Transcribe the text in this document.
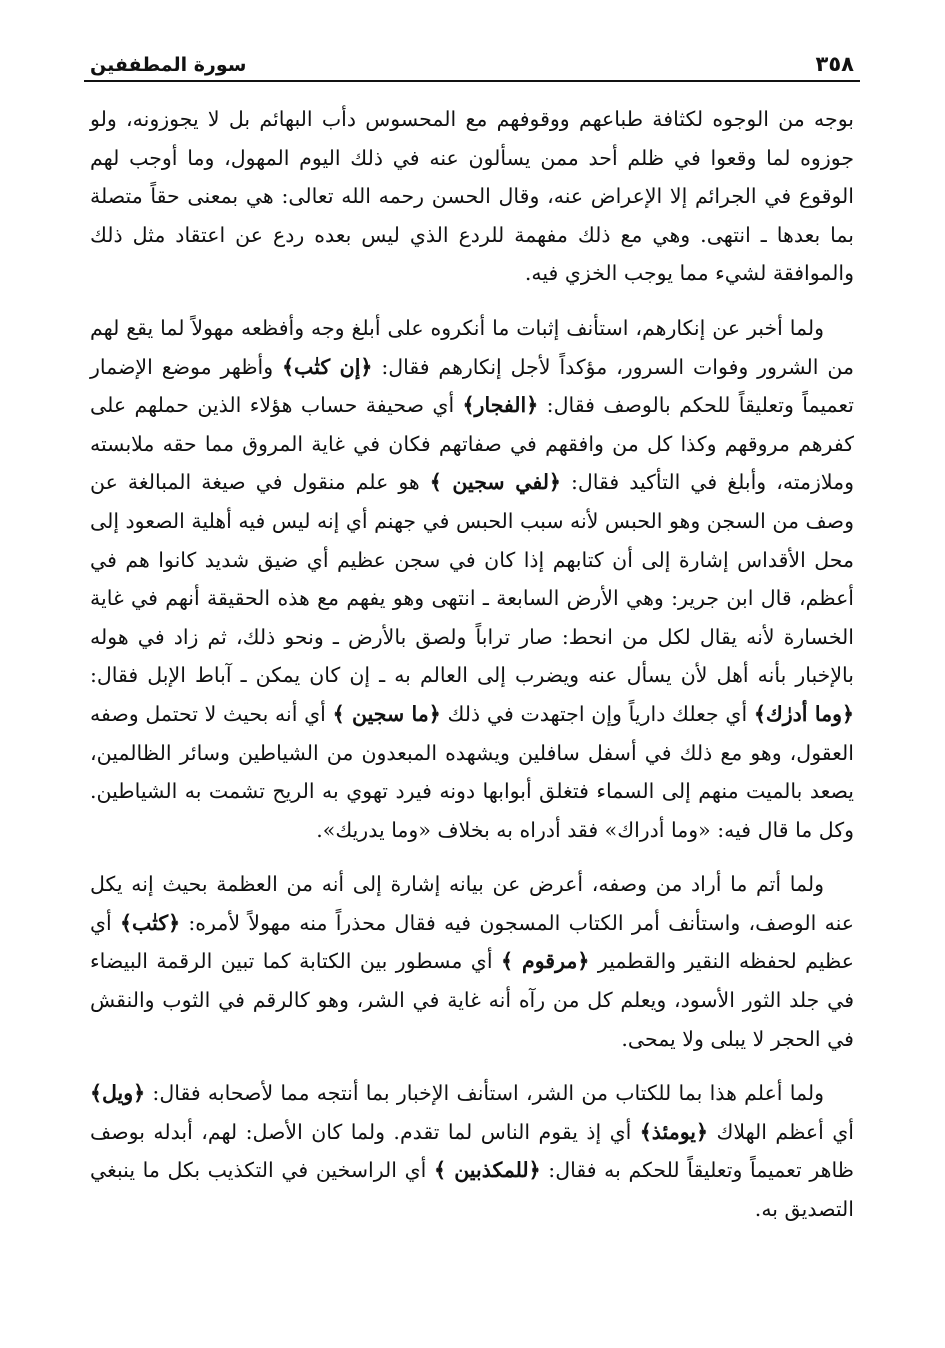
٣٥٨
سورة المطففين

بوجه من الوجوه لكثافة طباعهم ووقوفهم مع المحسوس دأب البهائم بل لا يجوزونه، ولو جوزوه لما وقعوا في ظلم أحد ممن يسألون عنه في ذلك اليوم المهول، وما أوجب لهم الوقوع في الجرائم إلا الإعراض عنه، وقال الحسن رحمه الله تعالى: هي بمعنى حقاً متصلة بما بعدها ـ انتهى. وهي مع ذلك مفهمة للردع الذي ليس بعده ردع عن اعتقاد مثل ذلك والموافقة لشيء مما يوجب الخزي فيه.

ولما أخبر عن إنكارهم، استأنف إثبات ما أنكروه على أبلغ وجه وأفظعه مهولاً لما يقع لهم من الشرور وفوات السرور، مؤكداً لأجل إنكارهم فقال: ﴿إن كتٰب﴾ وأظهر موضع الإضمار تعميماً وتعليقاً للحكم بالوصف فقال: ﴿الفجار﴾ أي صحيفة حساب هؤلاء الذين حملهم على كفرهم مروقهم وكذا كل من وافقهم في صفاتهم فكان في غاية المروق مما حقه ملابسته وملازمته، وأبلغ في التأكيد فقال: ﴿لفي سجين ﴾ هو علم منقول في صيغة المبالغة عن وصف من السجن وهو الحبس لأنه سبب الحبس في جهنم أي إنه ليس فيه أهلية الصعود إلى محل الأقداس إشارة إلى أن كتابهم إذا كان في سجن عظيم أي ضيق شديد كانوا هم في أعظم، قال ابن جرير: وهي الأرض السابعة ـ انتهى وهو يفهم مع هذه الحقيقة أنهم في غاية الخسارة لأنه يقال لكل من انحط: صار تراباً ولصق بالأرض ـ ونحو ذلك، ثم زاد في هوله بالإخبار بأنه أهل لأن يسأل عنه ويضرب إلى العالم به ـ إن كان يمكن ـ آباط الإبل فقال: ﴿وما أدرٰك﴾ أي جعلك دارياً وإن اجتهدت في ذلك ﴿ما سجين ﴾ أي أنه بحيث لا تحتمل وصفه العقول، وهو مع ذلك في أسفل سافلين ويشهده المبعدون من الشياطين وسائر الظالمين، يصعد بالميت منهم إلى السماء فتغلق أبوابها دونه فيرد تهوي به الريح تشمت به الشياطين. وكل ما قال فيه: «وما أدراك» فقد أدراه به بخلاف «وما يدريك».

ولما أتم ما أراد من وصفه، أعرض عن بيانه إشارة إلى أنه من العظمة بحيث إنه يكل عنه الوصف، واستأنف أمر الكتاب المسجون فيه فقال محذراً منه مهولاً لأمره: ﴿كتٰب﴾ أي عظيم لحفظه النقير والقطمير ﴿مرقوم ﴾ أي مسطور بين الكتابة كما تبين الرقمة البيضاء في جلد الثور الأسود، ويعلم كل من رآه أنه غاية في الشر، وهو كالرقم في الثوب والنقش في الحجر لا يبلى ولا يمحى.

ولما أعلم هذا بما للكتاب من الشر، استأنف الإخبار بما أنتجه مما لأصحابه فقال: ﴿ويل﴾ أي أعظم الهلاك ﴿يومئذ﴾ أي إذ يقوم الناس لما تقدم. ولما كان الأصل: لهم، أبدله بوصف ظاهر تعميماً وتعليقاً للحكم به فقال: ﴿للمكذبين ﴾ أي الراسخين في التكذيب بكل ما ينبغي التصديق به.
